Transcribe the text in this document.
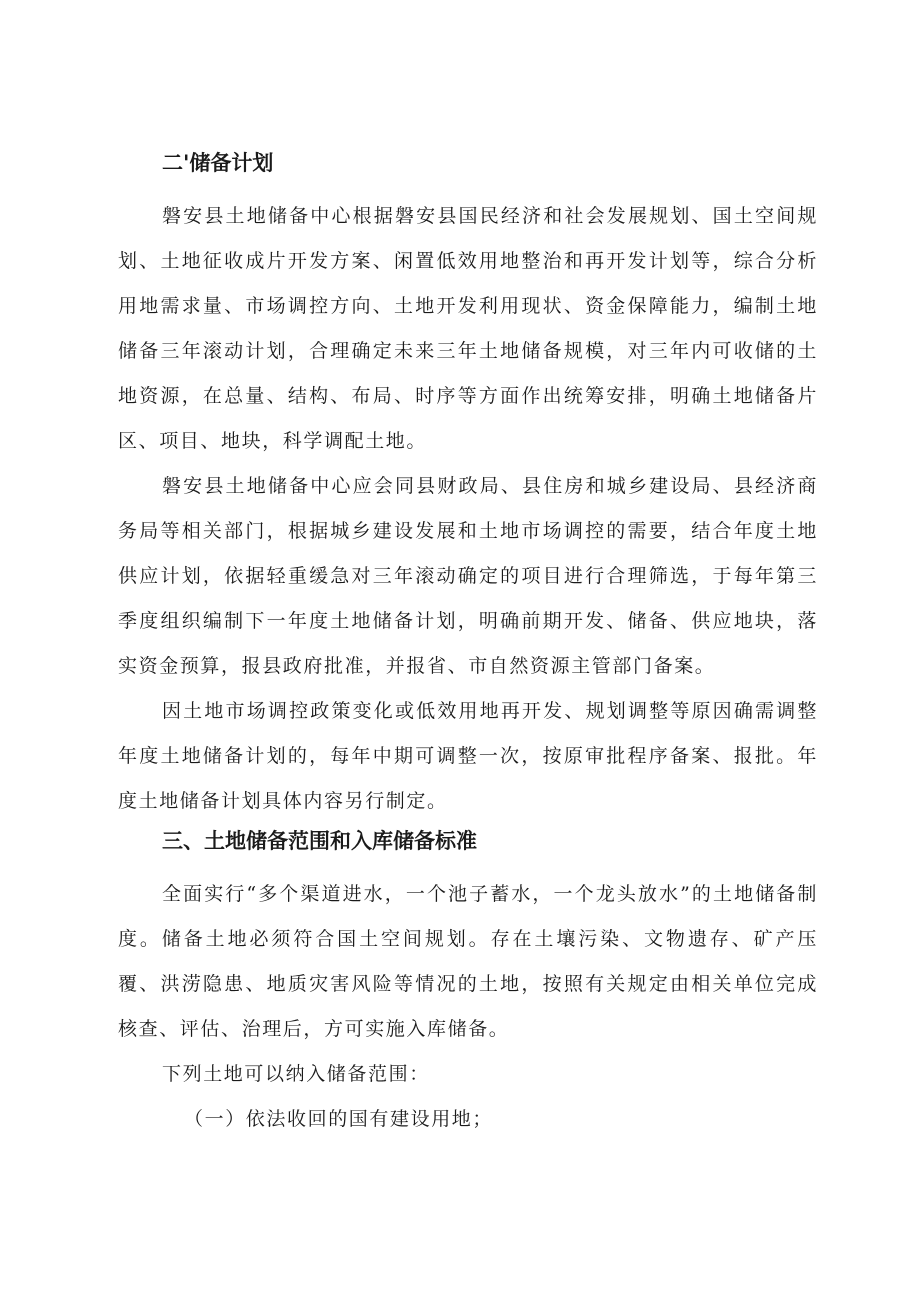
二'储备计划

磐安县土地储备中心根据磐安县国民经济和社会发展规划、国土空间规划、土地征收成片开发方案、闲置低效用地整治和再开发计划等，综合分析用地需求量、市场调控方向、土地开发利用现状、资金保障能力，编制土地储备三年滚动计划，合理确定未来三年土地储备规模，对三年内可收储的土地资源，在总量、结构、布局、时序等方面作出统筹安排，明确土地储备片区、项目、地块，科学调配土地。

磐安县土地储备中心应会同县财政局、县住房和城乡建设局、县经济商务局等相关部门，根据城乡建设发展和土地市场调控的需要，结合年度土地供应计划，依据轻重缓急对三年滚动确定的项目进行合理筛选，于每年第三季度组织编制下一年度土地储备计划，明确前期开发、储备、供应地块，落实资金预算，报县政府批准，并报省、市自然资源主管部门备案。

因土地市场调控政策变化或低效用地再开发、规划调整等原因确需调整年度土地储备计划的，每年中期可调整一次，按原审批程序备案、报批。年度土地储备计划具体内容另行制定。

三、土地储备范围和入库储备标准

全面实行“多个渠道进水，一个池子蓄水，一个龙头放水”的土地储备制度。储备土地必须符合国土空间规划。存在土壤污染、文物遗存、矿产压覆、洪涝隐患、地质灾害风险等情况的土地，按照有关规定由相关单位完成核查、评估、治理后，方可实施入库储备。

下列土地可以纳入储备范围：

（一）依法收回的国有建设用地；
